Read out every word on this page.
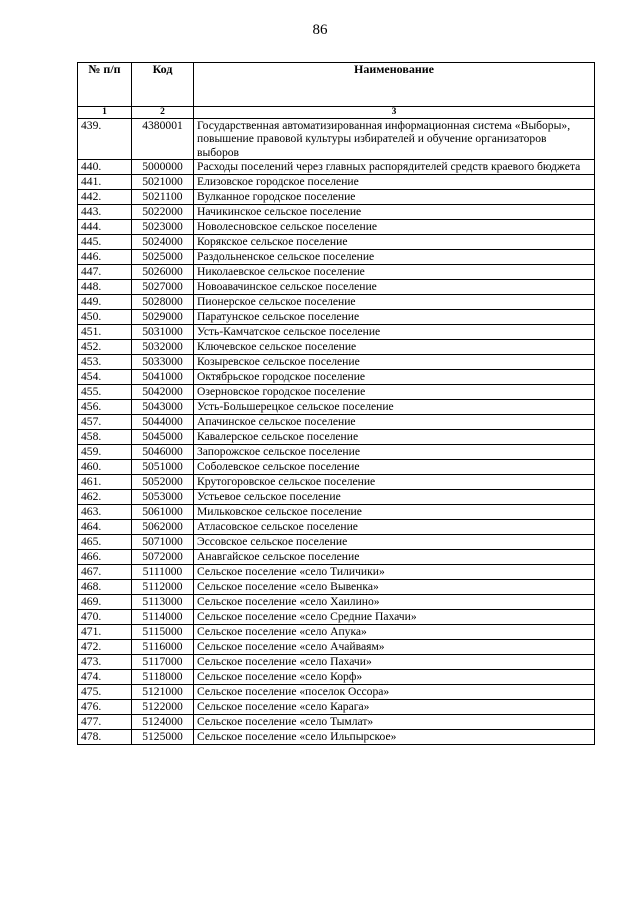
86
№ п/п	Код	Наименование
1	2	3
439.	4380001	Государственная автоматизированная информационная система «Выборы», повышение правовой культуры избирателей и обучение организаторов выборов
440.	5000000	Расходы поселений через главных распорядителей средств краевого бюджета
441.	5021000	Елизовское городское поселение
442.	5021100	Вулканное городское поселение
443.	5022000	Начикинское сельское поселение
444.	5023000	Новолесновское сельское поселение
445.	5024000	Корякское сельское поселение
446.	5025000	Раздольненское сельское поселение
447.	5026000	Николаевское сельское поселение
448.	5027000	Новоавачинское сельское поселение
449.	5028000	Пионерское сельское поселение
450.	5029000	Паратунское сельское поселение
451.	5031000	Усть-Камчатское сельское поселение
452.	5032000	Ключевское сельское поселение
453.	5033000	Козыревское сельское поселение
454.	5041000	Октябрьское городское поселение
455.	5042000	Озерновское городское поселение
456.	5043000	Усть-Большерецкое сельское поселение
457.	5044000	Апачинское сельское поселение
458.	5045000	Кавалерское сельское поселение
459.	5046000	Запорожское сельское поселение
460.	5051000	Соболевское сельское поселение
461.	5052000	Крутогоровское сельское поселение
462.	5053000	Устьевое сельское поселение
463.	5061000	Мильковское сельское поселение
464.	5062000	Атласовское сельское поселение
465.	5071000	Эссовское сельское поселение
466.	5072000	Анавгайское сельское поселение
467.	5111000	Сельское поселение «село Тиличики»
468.	5112000	Сельское поселение «село Вывенка»
469.	5113000	Сельское поселение «село Хаилино»
470.	5114000	Сельское поселение «село Средние Пахачи»
471.	5115000	Сельское поселение «село Апука»
472.	5116000	Сельское поселение «село Ачайваям»
473.	5117000	Сельское поселение «село Пахачи»
474.	5118000	Сельское поселение «село Корф»
475.	5121000	Сельское поселение «поселок Оссора»
476.	5122000	Сельское поселение «село Карага»
477.	5124000	Сельское поселение «село Тымлат»
478.	5125000	Сельское поселение «село Ильпырское»
